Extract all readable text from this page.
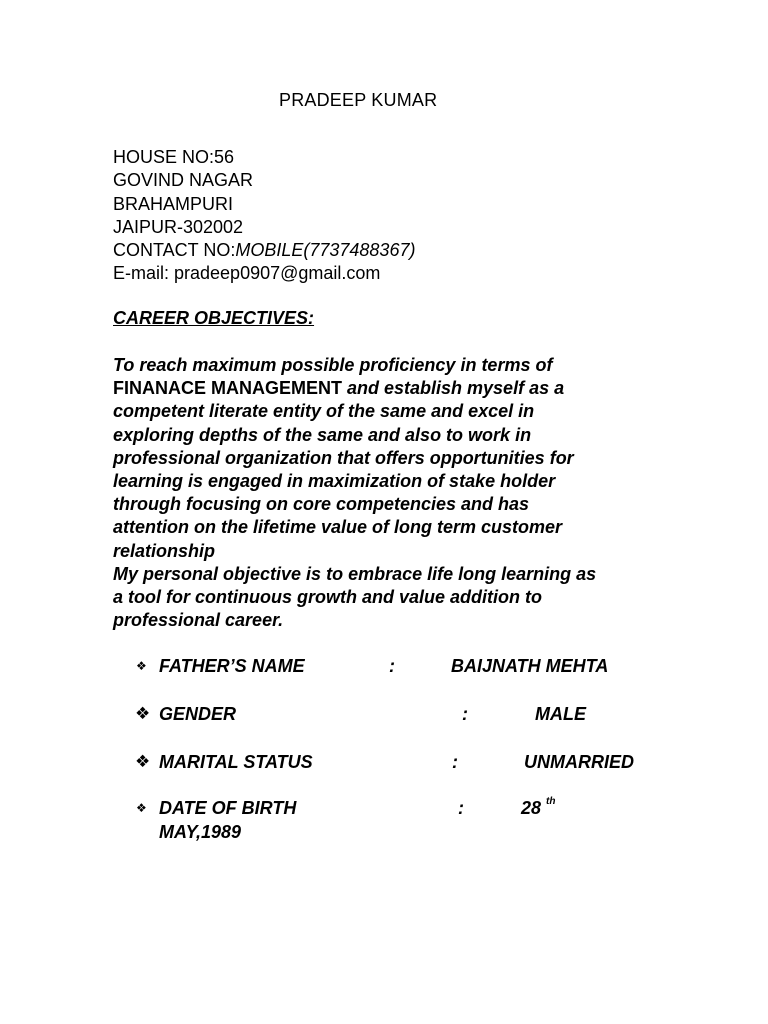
PRADEEP KUMAR
HOUSE NO:56
GOVIND NAGAR
BRAHAMPURI
JAIPUR-302002
CONTACT NO:MOBILE(7737488367)
E-mail: pradeep0907@gmail.com
CAREER OBJECTIVES:
To reach maximum possible proficiency in terms of
FINANACE MANAGEMENT and establish myself as a
competent literate entity of the same and excel in
exploring depths of the same and also to work in
professional organization that offers opportunities for
learning is engaged in maximization of stake holder
through focusing on core competencies and has
attention on the lifetime value of long term customer
relationship
My personal objective is to embrace life long learning as
a tool for continuous growth and value addition to
professional career.
❖ FATHER’S NAME	:	BAIJNATH MEHTA
❖ GENDER	:	MALE
❖ MARITAL STATUS	:	UNMARRIED
❖ DATE OF BIRTH	:	28 $^{th}$
MAY,1989
